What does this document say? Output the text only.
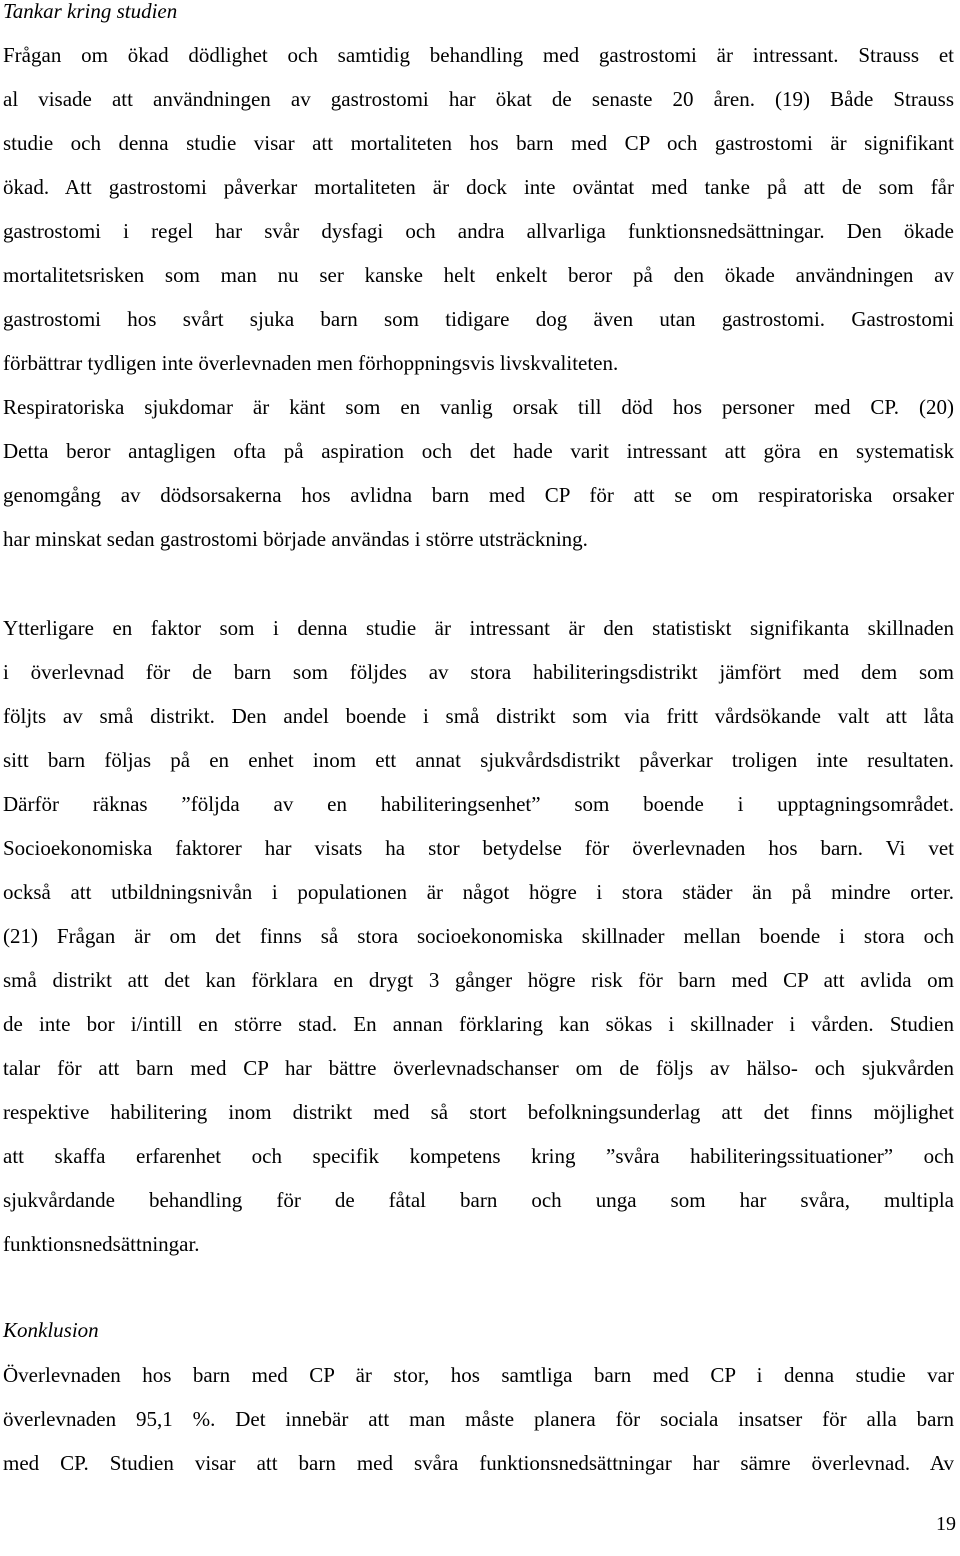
Tankar kring studien
Frågan om ökad dödlighet och samtidig behandling med gastrostomi är intressant. Strauss et
al visade att användningen av gastrostomi har ökat de senaste 20 åren. (19) Både Strauss
studie och denna studie visar att mortaliteten hos barn med CP och gastrostomi är signifikant
ökad. Att gastrostomi påverkar mortaliteten är dock inte oväntat med tanke på att de som får
gastrostomi i regel har svår dysfagi och andra allvarliga funktionsnedsättningar. Den ökade
mortalitetsrisken som man nu ser kanske helt enkelt beror på den ökade användningen av
gastrostomi hos svårt sjuka barn som tidigare dog även utan gastrostomi. Gastrostomi
förbättrar tydligen inte överlevnaden men förhoppningsvis livskvaliteten.
Respiratoriska sjukdomar är känt som en vanlig orsak till död hos personer med CP. (20)
Detta beror antagligen ofta på aspiration och det hade varit intressant att göra en systematisk
genomgång av dödsorsakerna hos avlidna barn med CP för att se om respiratoriska orsaker
har minskat sedan gastrostomi började användas i större utsträckning.
Ytterligare en faktor som i denna studie är intressant är den statistiskt signifikanta skillnaden
i överlevnad för de barn som följdes av stora habiliteringsdistrikt jämfört med dem som
följts av små distrikt. Den andel boende i små distrikt som via fritt vårdsökande valt att låta
sitt barn följas på en enhet inom ett annat sjukvårdsdistrikt påverkar troligen inte resultaten.
Därför räknas ”följda av en habiliteringsenhet” som boende i upptagningsområdet.
Socioekonomiska faktorer har visats ha stor betydelse för överlevnaden hos barn. Vi vet
också att utbildningsnivån i populationen är något högre i stora städer än på mindre orter.
(21) Frågan är om det finns så stora socioekonomiska skillnader mellan boende i stora och
små distrikt att det kan förklara en drygt 3 gånger högre risk för barn med CP att avlida om
de inte bor i/intill en större stad. En annan förklaring kan sökas i skillnader i vården. Studien
talar för att barn med CP har bättre överlevnadschanser om de följs av hälso- och sjukvården
respektive habilitering inom distrikt med så stort befolkningsunderlag att det finns möjlighet
att skaffa erfarenhet och specifik kompetens kring ”svåra habiliteringssituationer” och
sjukvårdande behandling för de fåtal barn och unga som har svåra, multipla
funktionsnedsättningar.
Konklusion
Överlevnaden hos barn med CP är stor, hos samtliga barn med CP i denna studie var
överlevnaden 95,1 %. Det innebär att man måste planera för sociala insatser för alla barn
med CP. Studien visar att barn med svåra funktionsnedsättningar har sämre överlevnad. Av
19
